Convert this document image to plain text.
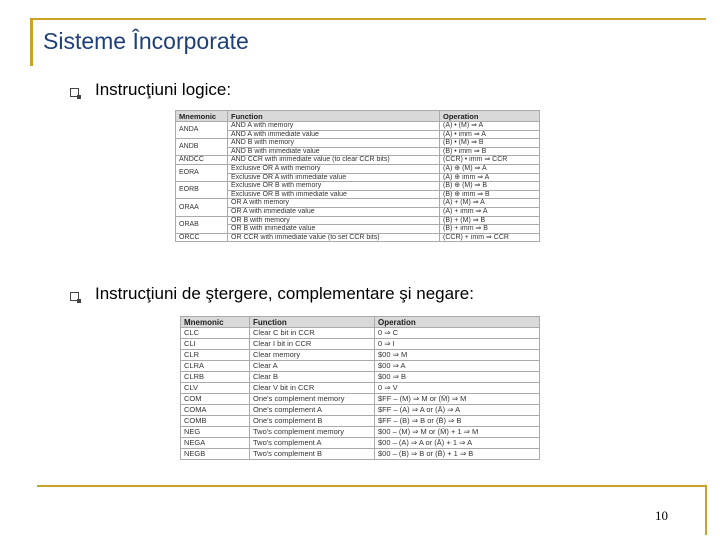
Sisteme Încorporate
Instrucţiuni logice:
Mnemonic	Function	Operation
ANDA	AND A with memory	(A) • (M) ⇒ A
	AND A with immediate value	(A) • imm ⇒ A
ANDB	AND B with memory	(B) • (M) ⇒ B
	AND B with immediate value	(B) • imm ⇒ B
ANDCC	AND CCR with immediate value (to clear CCR bits)	(CCR) • imm ⇒ CCR
EORA	Exclusive OR A with memory	(A) ⊕ (M) ⇒ A
	Exclusive OR A with immediate value	(A) ⊕ imm ⇒ A
EORB	Exclusive OR B with memory	(B) ⊕ (M) ⇒ B
	Exclusive OR B with immediate value	(B) ⊕ imm ⇒ B
ORAA	OR A with memory	(A) + (M) ⇒ A
	OR A with immediate value	(A) + imm ⇒ A
ORAB	OR B with memory	(B) + (M) ⇒ B
	OR B with immediate value	(B) + imm ⇒ B
ORCC	OR CCR with immediate value (to set CCR bits)	(CCR) + imm ⇒ CCR
Instrucţiuni de ştergere, complementare şi negare:
Mnemonic	Function	Operation
CLC	Clear C bit in CCR	0 ⇒ C
CLI	Clear I bit in CCR	0 ⇒ I
CLR	Clear memory	$00 ⇒ M
CLRA	Clear A	$00 ⇒ A
CLRB	Clear B	$00 ⇒ B
CLV	Clear V bit in CCR	0 ⇒ V
COM	One's complement memory	$FF – (M) ⇒ M or (M̄) ⇒ M
COMA	One's complement A	$FF – (A) ⇒ A or (Ā) ⇒ A
COMB	One's complement B	$FF – (B) ⇒ B or (B̄) ⇒ B
NEG	Two's complement memory	$00 – (M) ⇒ M or (M̄) + 1 ⇒ M
NEGA	Two's complement A	$00 – (A) ⇒ A or (Ā) + 1 ⇒ A
NEGB	Two's complement B	$00 – (B) ⇒ B or (B̄) + 1 ⇒ B
10
